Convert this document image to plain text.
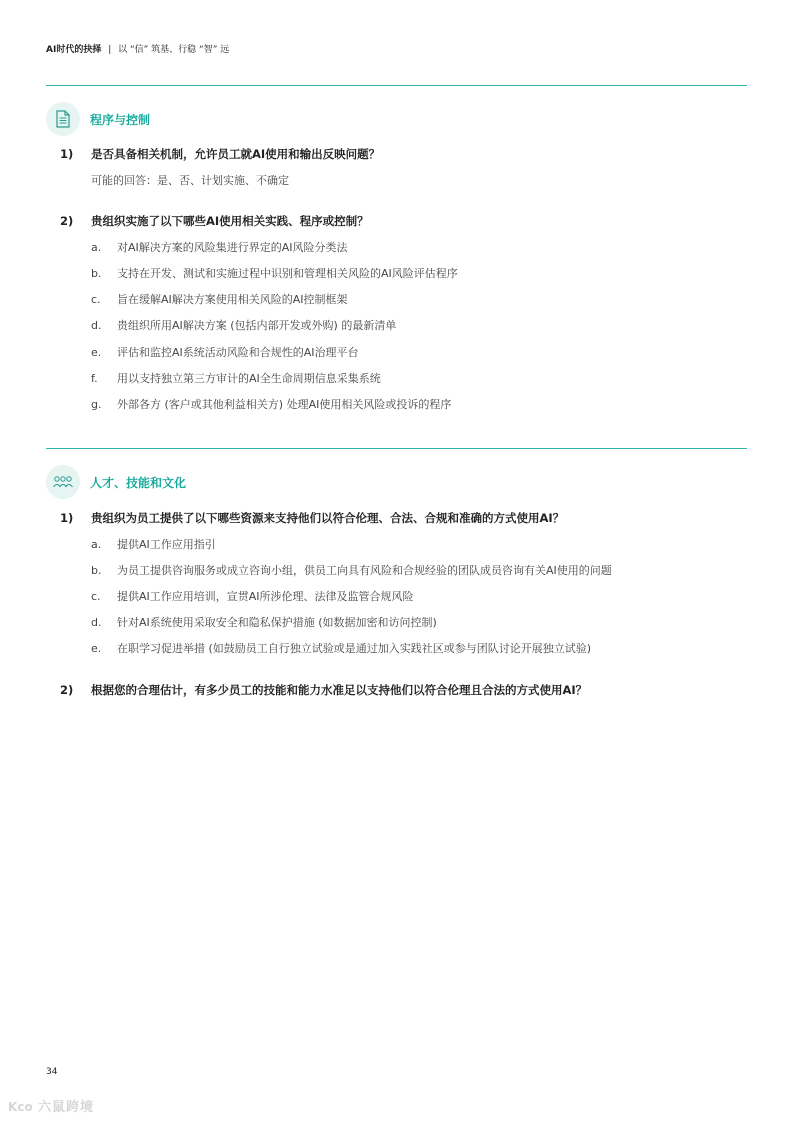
AI时代的抉择 | 以 “信” 筑基、行稳 “智” 远
程序与控制
1)	是否具备相关机制，允许员工就AI使用和输出反映问题？
可能的回答：是、否、计划实施、不确定
2)	贵组织实施了以下哪些AI使用相关实践、程序或控制？
a.	对AI解决方案的风险集进行界定的AI风险分类法
b.	支持在开发、测试和实施过程中识别和管理相关风险的AI风险评估程序
c.	旨在缓解AI解决方案使用相关风险的AI控制框架
d.	贵组织所用AI解决方案 (包括内部开发或外购) 的最新清单
e.	评估和监控AI系统活动风险和合规性的AI治理平台
f.	用以支持独立第三方审计的AI全生命周期信息采集系统
g.	外部各方 (客户或其他利益相关方) 处理AI使用相关风险或投诉的程序
人才、技能和文化
1)	贵组织为员工提供了以下哪些资源来支持他们以符合伦理、合法、合规和准确的方式使用AI？
a.	提供AI工作应用指引
b.	为员工提供咨询服务或成立咨询小组，供员工向具有风险和合规经验的团队成员咨询有关AI使用的问题
c.	提供AI工作应用培训，宣贯AI所涉伦理、法律及监管合规风险
d.	针对AI系统使用采取安全和隐私保护措施 (如数据加密和访问控制)
e.	在职学习促进举措 (如鼓励员工自行独立试验或是通过加入实践社区或参与团队讨论开展独立试验)
2)	根据您的合理估计，有多少员工的技能和能力水准足以支持他们以符合伦理且合法的方式使用AI？
34
Kco 六鼠跨境
